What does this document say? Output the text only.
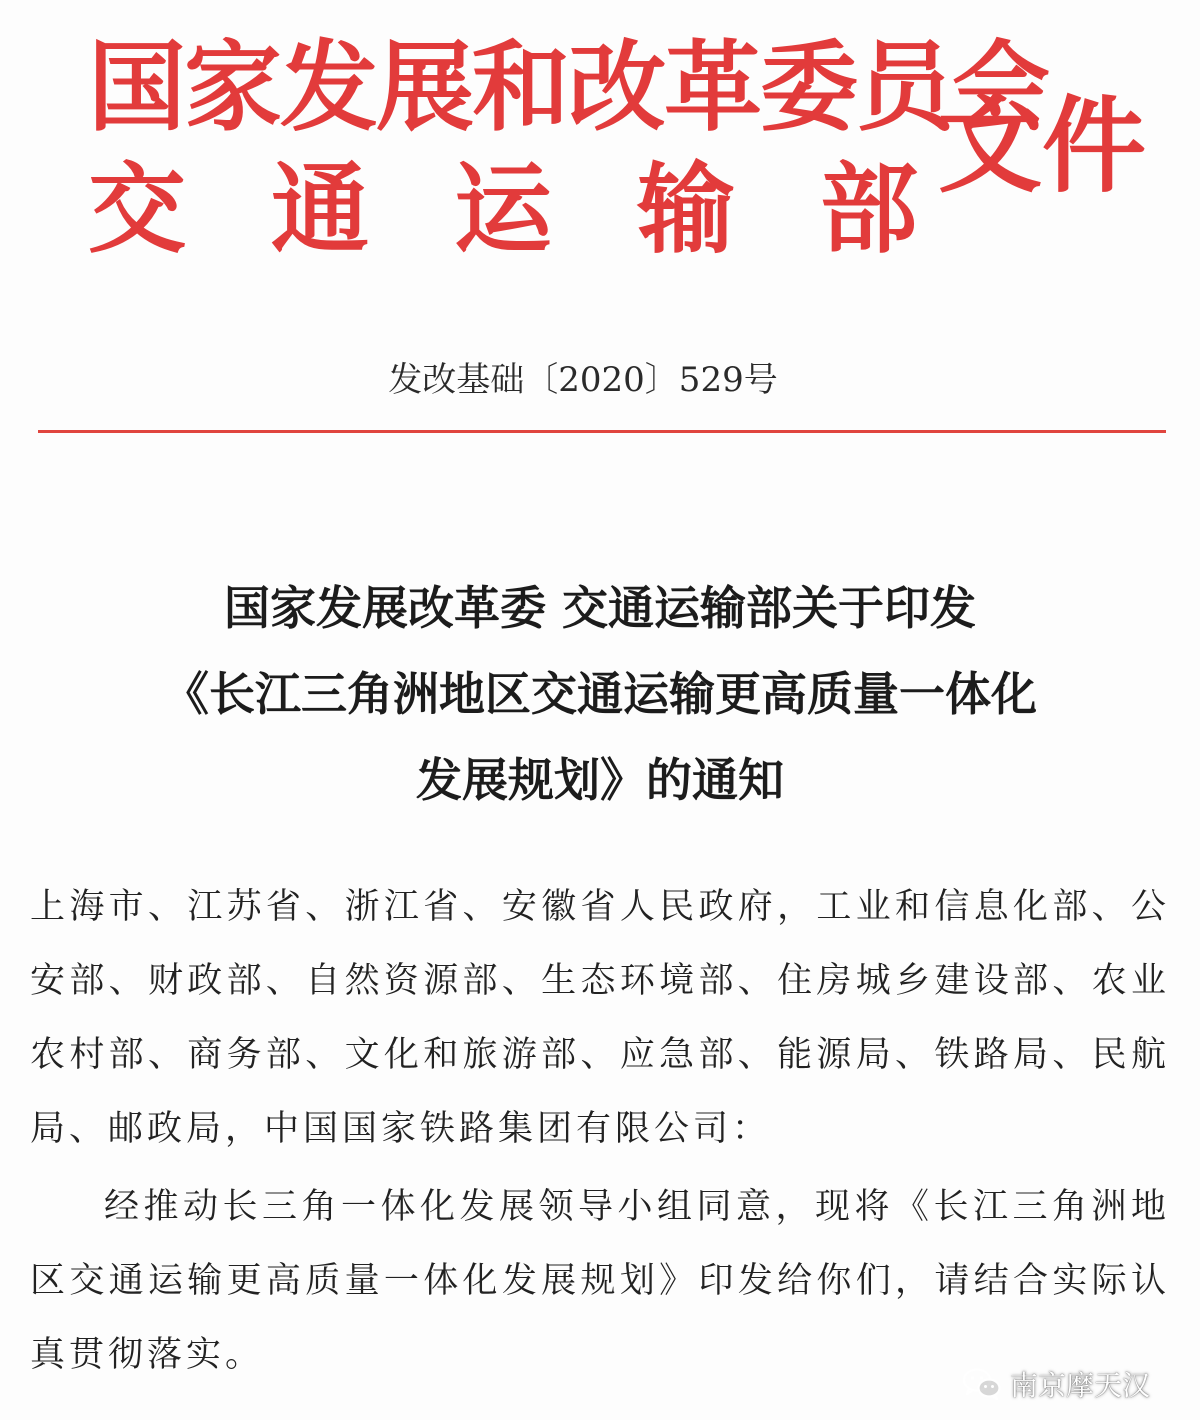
国家发展和改革委员会
交 通 运 输 部
文件
发改基础〔2020〕529号
国家发展改革委 交通运输部关于印发
《长江三角洲地区交通运输更高质量一体化
发展规划》的通知

上海市、江苏省、浙江省、安徽省人民政府，工业和信息化部、公安部、财政部、自然资源部、生态环境部、住房城乡建设部、农业农村部、商务部、文化和旅游部、应急部、能源局、铁路局、民航局、邮政局，中国国家铁路集团有限公司：

经推动长三角一体化发展领导小组同意，现将《长江三角洲地区交通运输更高质量一体化发展规划》印发给你们，请结合实际认真贯彻落实。

南京摩天汉
